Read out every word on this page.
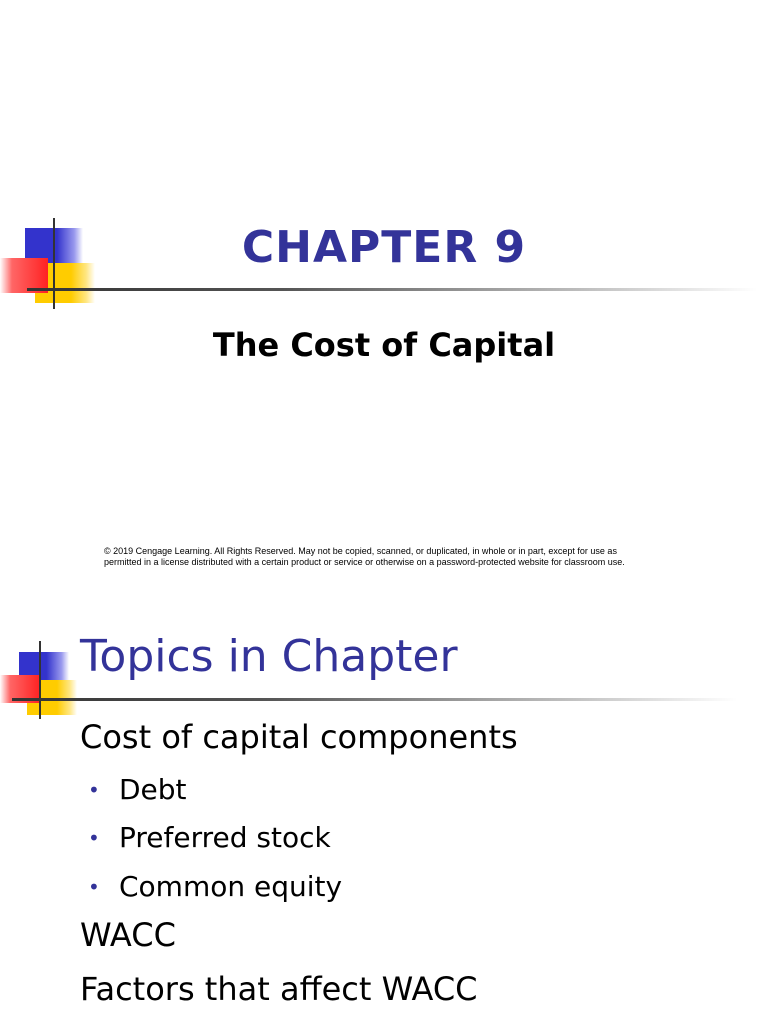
CHAPTER 9
The Cost of Capital
© 2019 Cengage Learning. All Rights Reserved. May not be copied, scanned, or duplicated, in whole or in part, except for use as
permitted in a license distributed with a certain product or service or otherwise on a password-protected website for classroom use.
Topics in Chapter
Cost of capital components
• Debt
• Preferred stock
• Common equity
WACC
Factors that affect WACC
